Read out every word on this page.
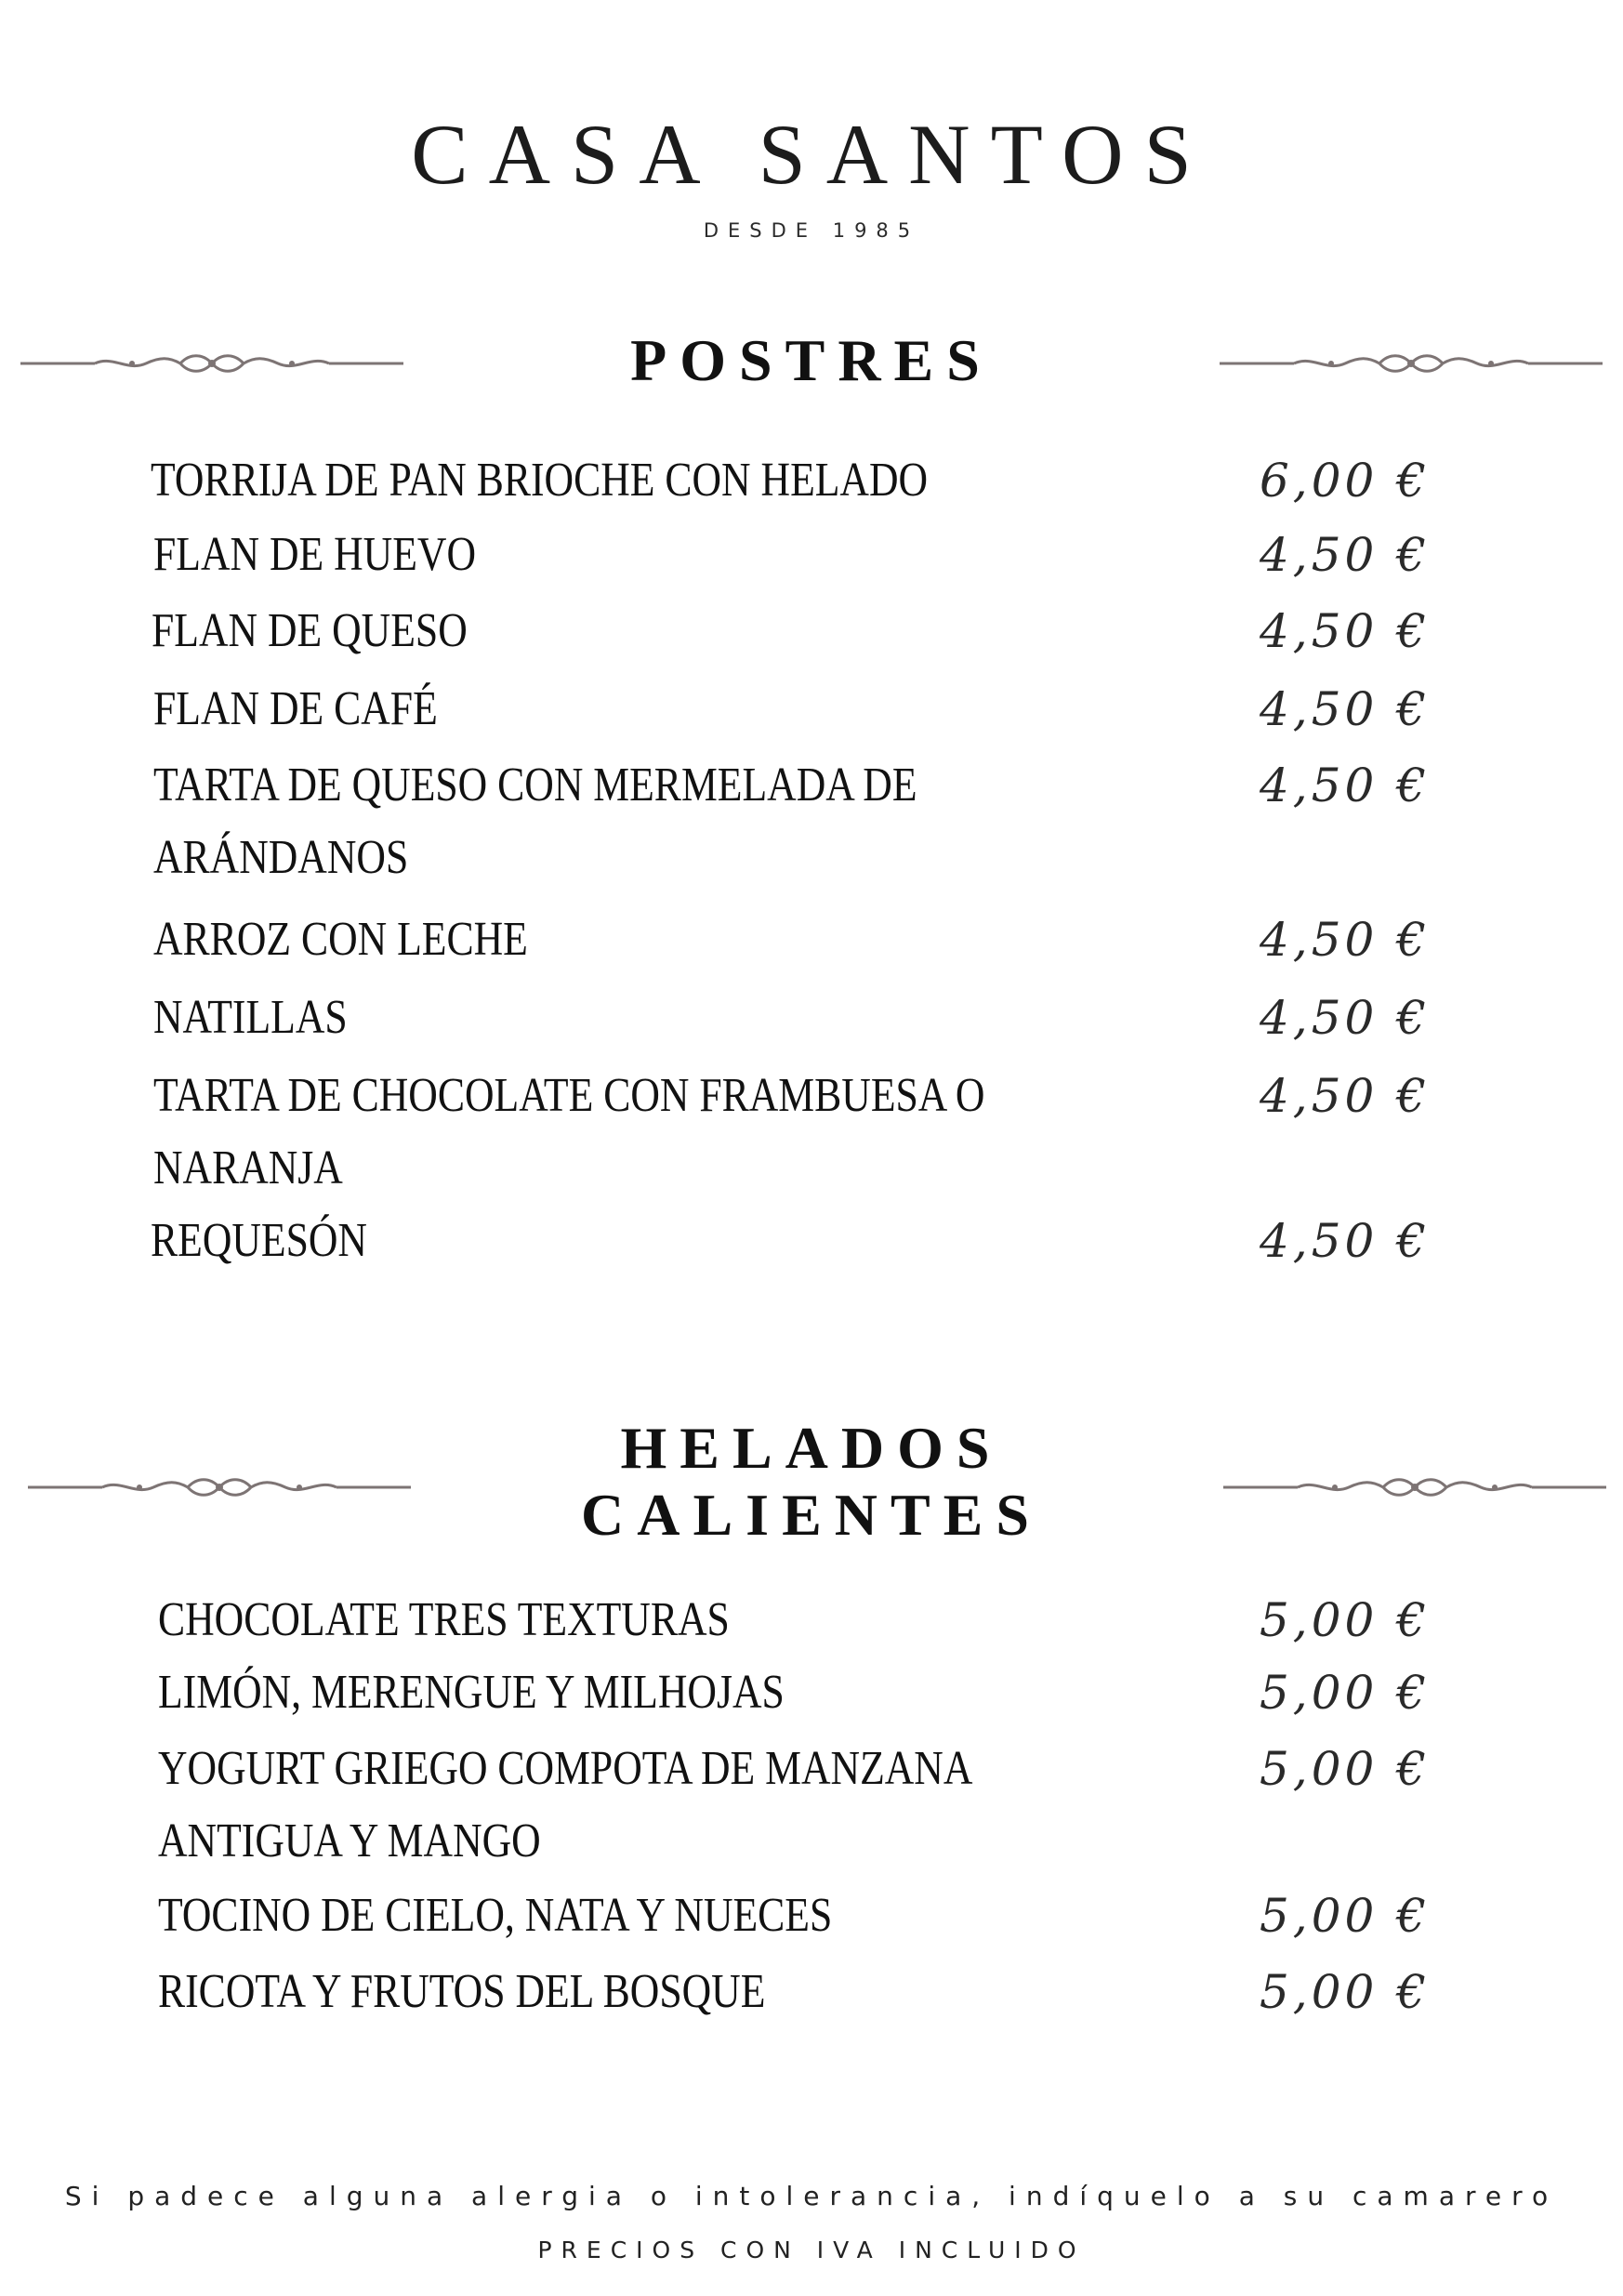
CASA SANTOS
DESDE 1985
POSTRES
TORRIJA DE PAN BRIOCHE CON HELADO	6,00 €
FLAN DE HUEVO	4,50 €
FLAN DE QUESO	4,50 €
FLAN DE CAFÉ	4,50 €
TARTA DE QUESO CON MERMELADA DE	4,50 €
ARÁNDANOS
ARROZ CON LECHE	4,50 €
NATILLAS	4,50 €
TARTA DE CHOCOLATE CON FRAMBUESA O	4,50 €
NARANJA
REQUESÓN	4,50 €
HELADOS
CALIENTES
CHOCOLATE TRES TEXTURAS	5,00 €
LIMÓN, MERENGUE Y MILHOJAS	5,00 €
YOGURT GRIEGO COMPOTA DE MANZANA	5,00 €
ANTIGUA Y MANGO
TOCINO DE CIELO, NATA Y NUECES	5,00 €
RICOTA Y FRUTOS DEL BOSQUE	5,00 €
Si padece alguna alergia o intolerancia, indíquelo a su camarero
PRECIOS CON IVA INCLUIDO
